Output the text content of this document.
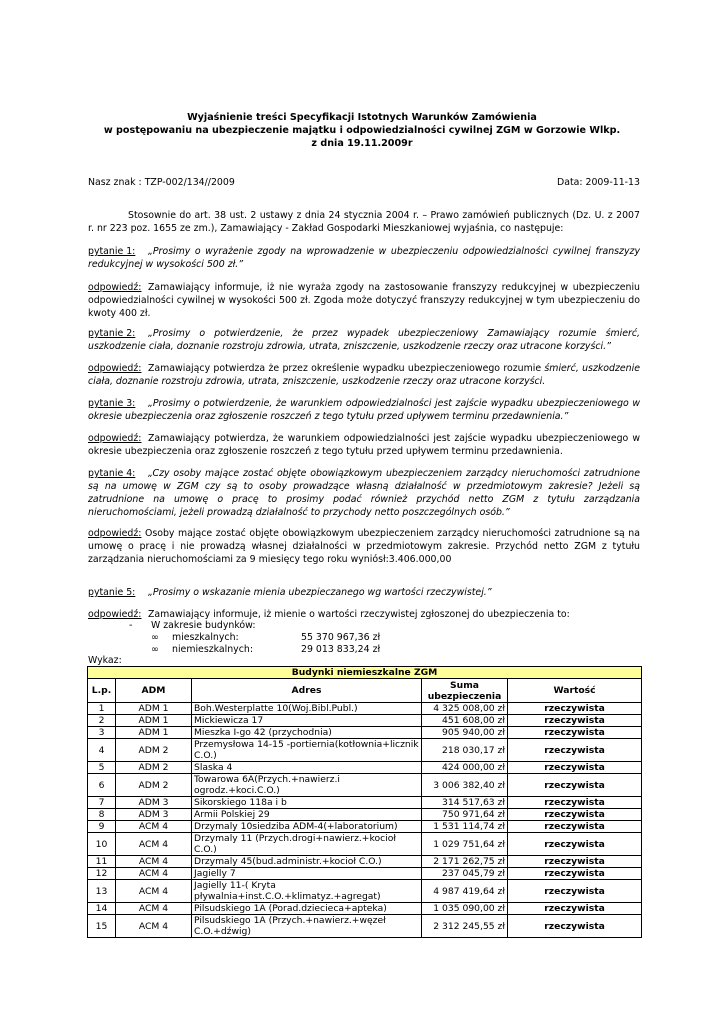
Wyjaśnienie treści Specyfikacji Istotnych Warunków Zamówienia
w postępowaniu na ubezpieczenie majątku i odpowiedzialności cywilnej ZGM w Gorzowie Wlkp.
z dnia 19.11.2009r
Nasz znak : TZP-002/134//2009	Data: 2009-11-13
Stosownie do art. 38 ust. 2 ustawy z dnia 24 stycznia 2004 r. – Prawo zamówień publicznych (Dz. U. z 2007 r. nr 223 poz. 1655 ze zm.), Zamawiający - Zakład Gospodarki Mieszkaniowej wyjaśnia, co następuje:
pytanie 1: „Prosimy o wyrażenie zgody na wprowadzenie w ubezpieczeniu odpowiedzialności cywilnej franszyzy redukcyjnej w wysokości 500 zł.”
odpowiedź: Zamawiający informuje, iż nie wyraża zgody na zastosowanie franszyzy redukcyjnej w ubezpieczeniu odpowiedzialności cywilnej w wysokości 500 zł. Zgoda może dotyczyć franszyzy redukcyjnej w tym ubezpieczeniu do kwoty 400 zł.
pytanie 2: „Prosimy o potwierdzenie, że przez wypadek ubezpieczeniowy Zamawiający rozumie śmierć, uszkodzenie ciała, doznanie rozstroju zdrowia, utrata, zniszczenie, uszkodzenie rzeczy oraz utracone korzyści.”
odpowiedź: Zamawiający potwierdza że przez określenie wypadku ubezpieczeniowego rozumie śmierć, uszkodzenie ciała, doznanie rozstroju zdrowia, utrata, zniszczenie, uszkodzenie rzeczy oraz utracone korzyści.
pytanie 3: „Prosimy o potwierdzenie, że warunkiem odpowiedzialności jest zajście wypadku ubezpieczeniowego w okresie ubezpieczenia oraz zgłoszenie roszczeń z tego tytułu przed upływem terminu przedawnienia.”
odpowiedź: Zamawiający potwierdza, że warunkiem odpowiedzialności jest zajście wypadku ubezpieczeniowego w okresie ubezpieczenia oraz zgłoszenie roszczeń z tego tytułu przed upływem terminu przedawnienia.
pytanie 4: „Czy osoby mające zostać objęte obowiązkowym ubezpieczeniem zarządcy nieruchomości zatrudnione są na umowę w ZGM czy są to osoby prowadzące własną działalność w przedmiotowym zakresie? Jeżeli są zatrudnione na umowę o pracę to prosimy podać również przychód netto ZGM z tytułu zarządzania nieruchomościami, jeżeli prowadzą działalność to przychody netto poszczególnych osób.”
odpowiedź: Osoby mające zostać objęte obowiązkowym ubezpieczeniem zarządcy nieruchomości zatrudnione są na umowę o pracę i nie prowadzą własnej działalności w przedmiotowym zakresie. Przychód netto ZGM z tytułu zarządzania nieruchomościami za 9 miesięcy tego roku wyniósł:3.406.000,00
pytanie 5: „Prosimy o wskazanie mienia ubezpieczanego wg wartości rzeczywistej.”
odpowiedź: Zamawiający informuje, iż mienie o wartości rzeczywistej zgłoszonej do ubezpieczenia to:
- W zakresie budynków:
∞ mieszkalnych:	55 370 967,36 zł
∞ niemieszkalnych:	29 013 833,24 zł
Wykaz:
Budynki niemieszkalne ZGM				
L.p.	ADM	Adres	Suma ubezpieczenia	Wartość
1	ADM 1	Boh.Westerplatte 10(Woj.Bibl.Publ.)	4 325 008,00 zł	rzeczywista
2	ADM 1	Mickiewicza 17	451 608,00 zł	rzeczywista
3	ADM 1	Mieszka I-go 42 (przychodnia)	905 940,00 zł	rzeczywista
4	ADM 2	Przemysłowa 14-15 -portiernia(kotłownia+licznik C.O.)	218 030,17 zł	rzeczywista
5	ADM 2	Slaska 4	424 000,00 zł	rzeczywista
6	ADM 2	Towarowa 6A(Przych.+nawierz.i ogrodz.+koci.C.O.)	3 006 382,40 zł	rzeczywista
7	ADM 3	Sikorskiego 118a i b	314 517,63 zł	rzeczywista
8	ADM 3	Armii Polskiej 29	750 971,64 zł	rzeczywista
9	ACM 4	Drzymaly 10siedziba ADM-4(+laboratorium)	1 531 114,74 zł	rzeczywista
10	ACM 4	Drzymaly 11 (Przych.drogi+nawierz.+kocioł C.O.)	1 029 751,64 zł	rzeczywista
11	ACM 4	Drzymaly 45(bud.administr.+kocioł C.O.)	2 171 262,75 zł	rzeczywista
12	ACM 4	Jagielly 7	237 045,79 zł	rzeczywista
13	ACM 4	Jagielly 11-( Kryta pływalnia+inst.C.O.+klimatyz.+agregat)	4 987 419,64 zł	rzeczywista
14	ACM 4	Pilsudskiego 1A (Porad.dziecieca+apteka)	1 035 090,00 zł	rzeczywista
15	ACM 4	Pilsudskiego 1A (Przych.+nawierz.+węzeł C.O.+dźwig)	2 312 245,55 zł	rzeczywista
